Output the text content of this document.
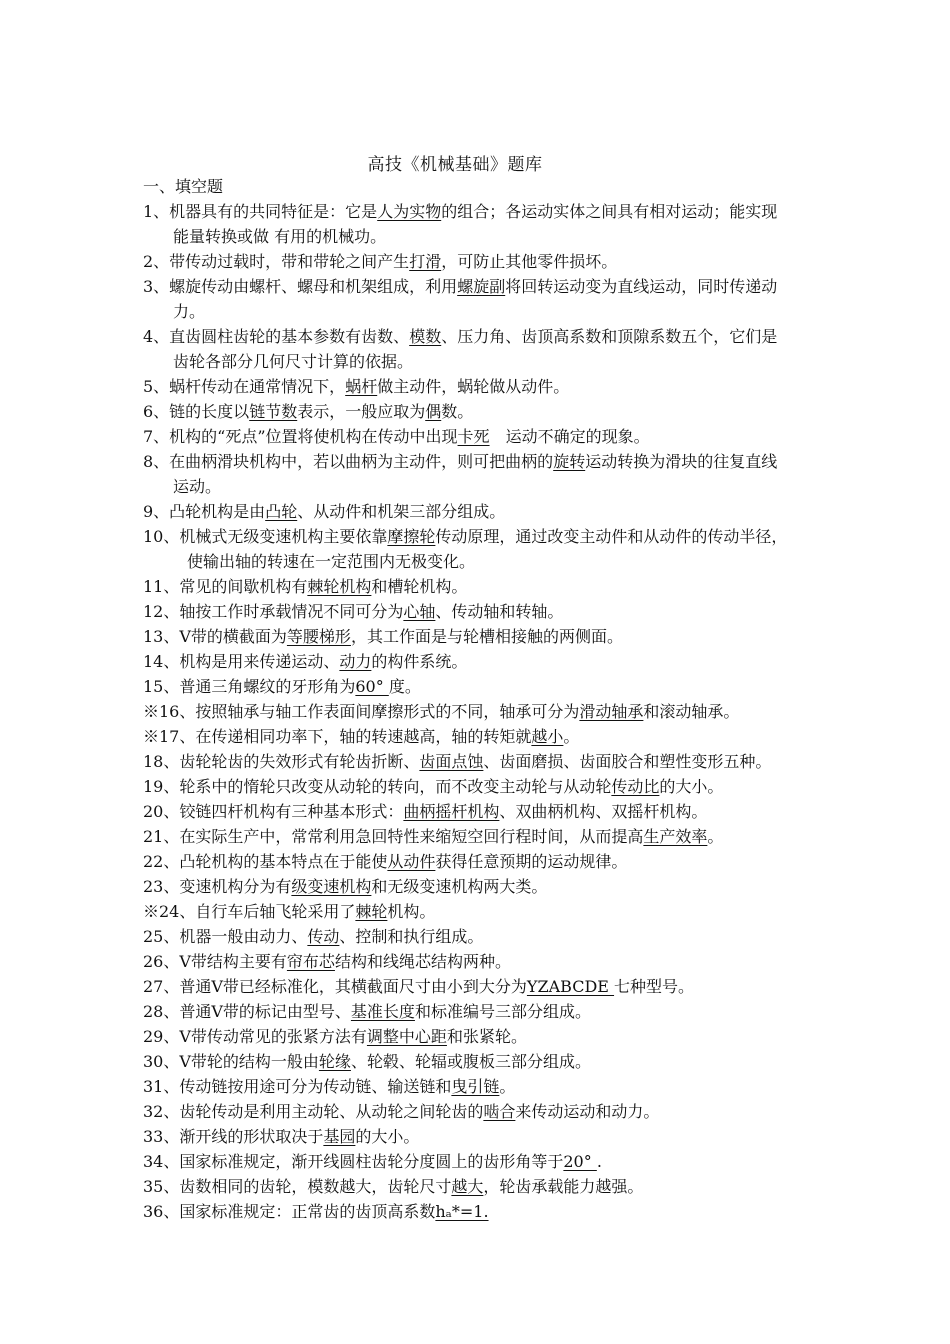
高技《机械基础》题库
一、填空题
1、机器具有的共同特征是：它是人为实物的组合；各运动实体之间具有相对运动；能实现
能量转换或做 有用的机械功。
2、带传动过载时，带和带轮之间产生打滑，可防止其他零件损坏。
3、螺旋传动由螺杆、螺母和机架组成，利用螺旋副将回转运动变为直线运动，同时传递动
力。
4、直齿圆柱齿轮的基本参数有齿数、模数、压力角、齿顶高系数和顶隙系数五个，它们是
齿轮各部分几何尺寸计算的依据。
5、蜗杆传动在通常情况下，蜗杆做主动件，蜗轮做从动件。
6、链的长度以链节数表示，一般应取为偶数。
7、机构的“死点”位置将使机构在传动中出现卡死　运动不确定的现象。
8、在曲柄滑块机构中，若以曲柄为主动件，则可把曲柄的旋转运动转换为滑块的往复直线
运动。
9、凸轮机构是由凸轮、从动件和机架三部分组成。
10、机械式无级变速机构主要依靠摩擦轮传动原理，通过改变主动件和从动件的传动半径，
使输出轴的转速在一定范围内无极变化。
11、常见的间歇机构有棘轮机构和槽轮机构。
12、轴按工作时承载情况不同可分为心轴、传动轴和转轴。
13、V带的横截面为等腰梯形，其工作面是与轮槽相接触的两侧面。
14、机构是用来传递运动、动力的构件系统。
15、普通三角螺纹的牙形角为60° 度。
※16、按照轴承与轴工作表面间摩擦形式的不同，轴承可分为滑动轴承和滚动轴承。
※17、在传递相同功率下，轴的转速越高，轴的转矩就越小。
18、齿轮轮齿的失效形式有轮齿折断、齿面点蚀、齿面磨损、齿面胶合和塑性变形五种。
19、轮系中的惰轮只改变从动轮的转向，而不改变主动轮与从动轮传动比的大小。
20、铰链四杆机构有三种基本形式：曲柄摇杆机构、双曲柄机构、双摇杆机构。
21、在实际生产中，常常利用急回特性来缩短空回行程时间，从而提高生产效率。
22、凸轮机构的基本特点在于能使从动件获得任意预期的运动规律。
23、变速机构分为有级变速机构和无级变速机构两大类。
※24、自行车后轴飞轮采用了棘轮机构。
25、机器一般由动力、传动、控制和执行组成。
26、V带结构主要有帘布芯结构和线绳芯结构两种。
27、普通V带已经标准化，其横截面尺寸由小到大分为YZABCDE 七种型号。
28、普通V带的标记由型号、基准长度和标准编号三部分组成。
29、V带传动常见的张紧方法有调整中心距和张紧轮。
30、V带轮的结构一般由轮缘、轮毂、轮辐或腹板三部分组成。
31、传动链按用途可分为传动链、输送链和曳引链。
32、齿轮传动是利用主动轮、从动轮之间轮齿的啮合来传动运动和动力。
33、渐开线的形状取决于基园的大小。
34、国家标准规定，渐开线圆柱齿轮分度圆上的齿形角等于20° .
35、齿数相同的齿轮，模数越大，齿轮尺寸越大，轮齿承载能力越强。
36、国家标准规定：正常齿的齿顶高系数hₐ*=1.
